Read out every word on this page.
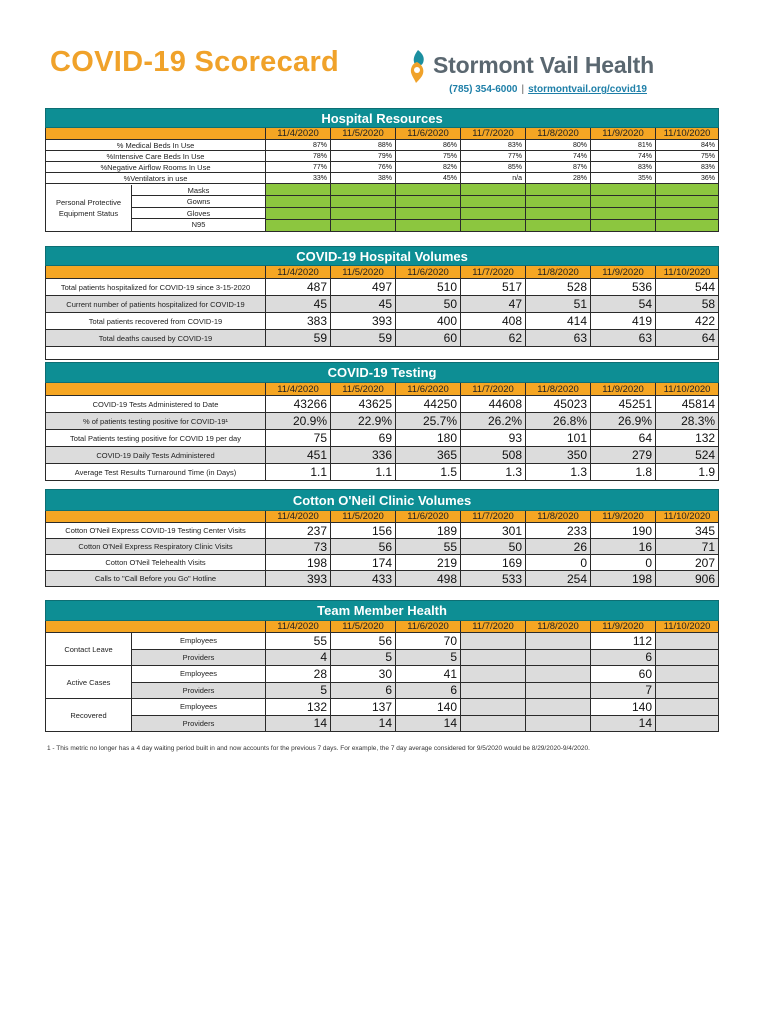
COVID-19 Scorecard	Stormont Vail Health
(785) 354-6000 | stormontvail.org/covid19
Hospital Resources							
	11/4/2020	11/5/2020	11/6/2020	11/7/2020	11/8/2020	11/9/2020	11/10/2020
% Medical Beds In Use	87%	88%	86%	83%	80%	81%	84%
%Intensive Care Beds In Use	78%	79%	75%	77%	74%	74%	75%
%Negative Airflow Rooms In Use	77%	76%	82%	85%	87%	83%	83%
%Ventilators in use	33%	38%	45%	n/a	28%	35%	36%

Personal Protective Equipment Status
Masks
Gowns
Gloves
N95							

COVID-19 Hospital Volumes							
	11/4/2020	11/5/2020	11/6/2020	11/7/2020	11/8/2020	11/9/2020	11/10/2020
Total patients hospitalized for COVID-19 since 3-15-2020	487	497	510	517	528	536	544
Current number of patients hospitalized for COVID-19	45	45	50	47	51	54	58
Total patients recovered from COVID-19	383	393	400	408	414	419	422
Total deaths caused by COVID-19	59	59	60	62	63	63	64

COVID-19 Testing							
	11/4/2020	11/5/2020	11/6/2020	11/7/2020	11/8/2020	11/9/2020	11/10/2020
COVID-19 Tests Administered to Date	43266	43625	44250	44608	45023	45251	45814
% of patients testing positive for COVID-19¹	20.9%	22.9%	25.7%	26.2%	26.8%	26.9%	28.3%
Total Patients testing positive for COVID 19 per day	75	69	180	93	101	64	132
COVID-19 Daily Tests Administered	451	336	365	508	350	279	524
Average Test Results Turnaround Time (in Days)	1.1	1.1	1.5	1.3	1.3	1.8	1.9
Cotton O'Neil Clinic Volumes							
	11/4/2020	11/5/2020	11/6/2020	11/7/2020	11/8/2020	11/9/2020	11/10/2020
Cotton O'Neil Express COVID-19 Testing Center Visits	237	156	189	301	233	190	345
Cotton O'Neil Express Respiratory Clinic Visits	73	56	55	50	26	16	71
Cotton O'Neil Telehealth Visits	198	174	219	169	0	0	207
Calls to "Call Before you Go" Hotline	393	433	498	533	254	198	906
Team Member Health								
		11/4/2020	11/5/2020	11/6/2020	11/7/2020	11/8/2020	11/9/2020	11/10/2020
Contact Leave	Employees	55	56	70			112	
	Providers	4	5	5			6	
Active Cases	Employees	28	30	41			60	
	Providers	5	6	6			7	
Recovered	Employees	132	137	140			140	
	Providers	14	14	14			14	
1 - This metric no longer has a 4 day waiting period built in and now accounts for the previous 7 days. For example, the 7 day average considered for 9/5/2020 would be 8/29/2020-9/4/2020.
